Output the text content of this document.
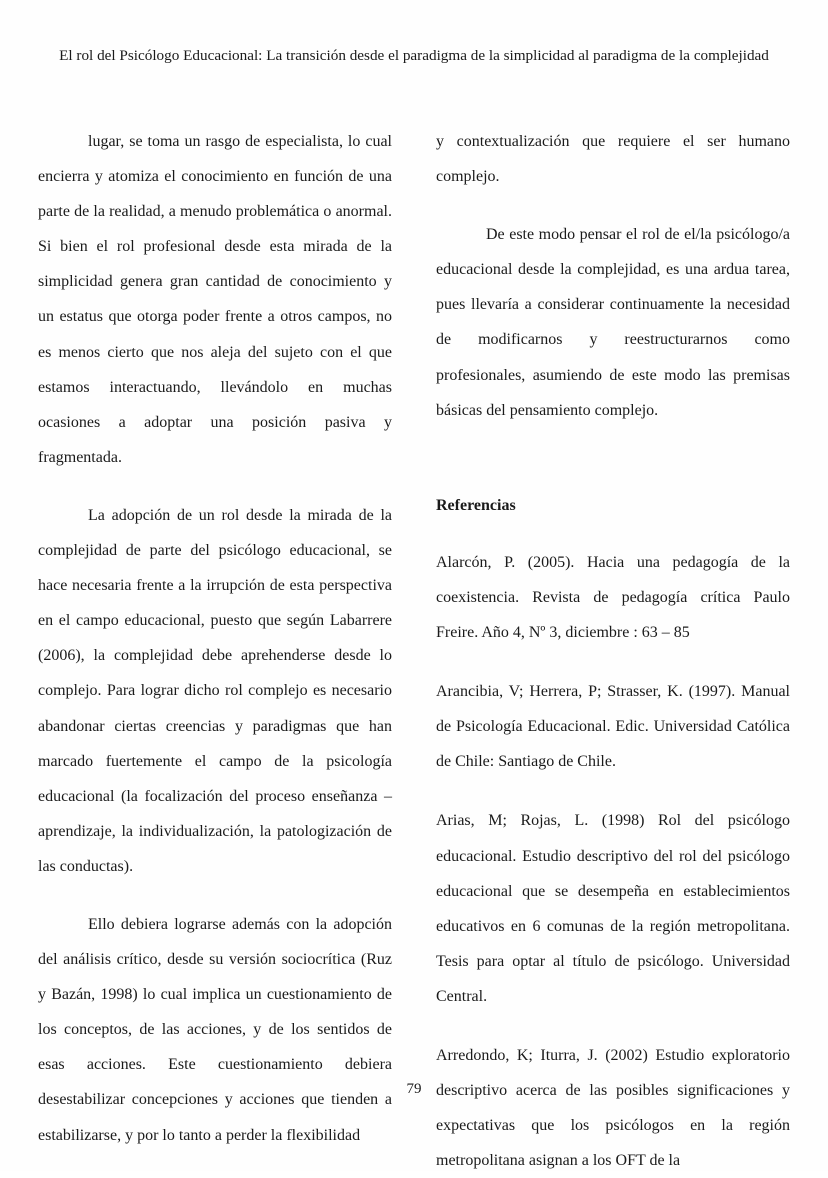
El rol del Psicólogo Educacional: La transición desde el paradigma de la simplicidad al paradigma de la complejidad

lugar, se toma un rasgo de especialista, lo cual encierra y atomiza el conocimiento en función de una parte de la realidad, a menudo problemática o anormal. Si bien el rol profesional desde esta mirada de la simplicidad genera gran cantidad de conocimiento y un estatus que otorga poder frente a otros campos, no es menos cierto que nos aleja del sujeto con el que estamos interactuando, llevándolo en muchas ocasiones a adoptar una posición pasiva y fragmentada.

La adopción de un rol desde la mirada de la complejidad de parte del psicólogo educacional, se hace necesaria frente a la irrupción de esta perspectiva en el campo educacional, puesto que según Labarrere (2006), la complejidad debe aprehenderse desde lo complejo. Para lograr dicho rol complejo es necesario abandonar ciertas creencias y paradigmas que han marcado fuertemente el campo de la psicología educacional (la focalización del proceso enseñanza – aprendizaje, la individualización, la patologización de las conductas).

Ello debiera lograrse además con la adopción del análisis crítico, desde su versión sociocrítica (Ruz y Bazán, 1998) lo cual implica un cuestionamiento de los conceptos, de las acciones, y de los sentidos de esas acciones. Este cuestionamiento debiera desestabilizar concepciones y acciones que tienden a estabilizarse, y por lo tanto a perder la flexibilidad

y contextualización que requiere el ser humano complejo.

De este modo pensar el rol de el/la psicólogo/a educacional desde la complejidad, es una ardua tarea, pues llevaría a considerar continuamente la necesidad de modificarnos y reestructurarnos como profesionales, asumiendo de este modo las premisas básicas del pensamiento complejo.

Referencias

Alarcón, P. (2005). Hacia una pedagogía de la coexistencia. Revista de pedagogía crítica Paulo Freire. Año 4, Nº 3, diciembre : 63 – 85

Arancibia, V; Herrera, P; Strasser, K. (1997). Manual de Psicología Educacional. Edic. Universidad Católica de Chile: Santiago de Chile.

Arias, M; Rojas, L. (1998) Rol del psicólogo educacional. Estudio descriptivo del rol del psicólogo educacional que se desempeña en establecimientos educativos en 6 comunas de la región metropolitana. Tesis para optar al título de psicólogo. Universidad Central.

Arredondo, K; Iturra, J. (2002) Estudio exploratorio descriptivo acerca de las posibles significaciones y expectativas que los psicólogos en la región metropolitana asignan a los OFT de la

79
